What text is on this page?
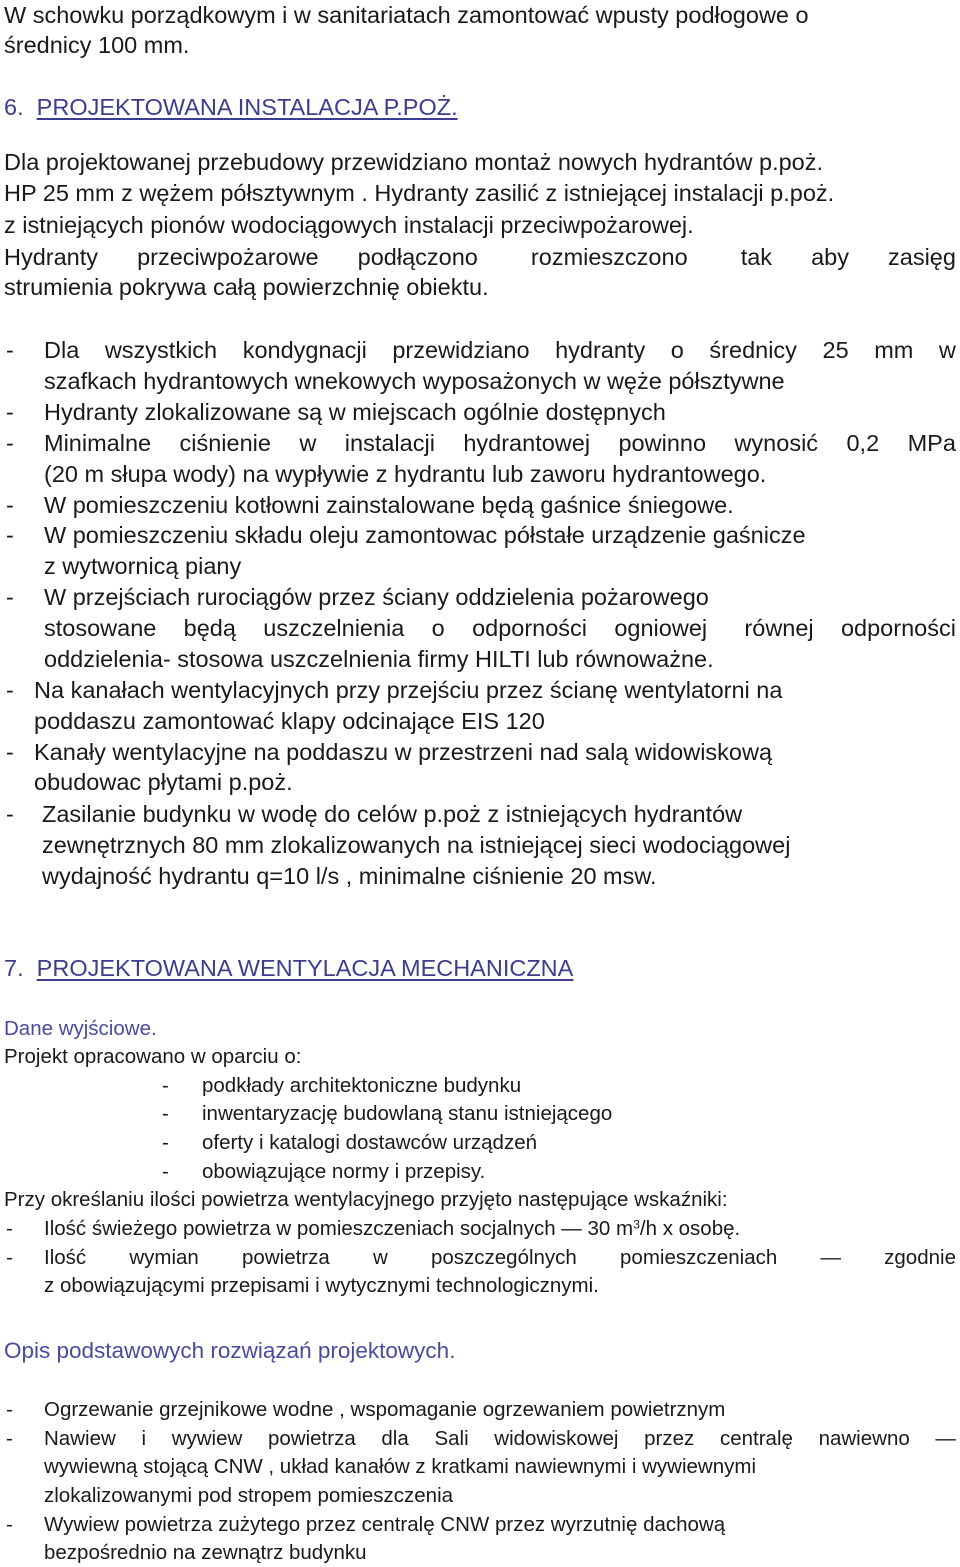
W schowku porządkowym i w sanitariatach zamontować wpusty podłogowe o
średnicy 100 mm.
6. PROJEKTOWANA INSTALACJA P.POŻ.
Dla projektowanej przebudowy przewidziano montaż nowych hydrantów p.poż.
HP 25 mm z wężem półsztywnym . Hydranty zasilić z istniejącej instalacji p.poż.
z istniejących pionów wodociągowych instalacji przeciwpożarowej.
Hydranty przeciwpożarowe podłączono rozmieszczono tak aby zasięg
strumienia pokrywa całą powierzchnię obiektu.
- Dla wszystkich kondygnacji przewidziano hydranty o średnicy 25 mm w
szafkach hydrantowych wnekowych wyposażonych w węże półsztywne
- Hydranty zlokalizowane są w miejscach ogólnie dostępnych
- Minimalne ciśnienie w instalacji hydrantowej powinno wynosić 0,2 MPa
(20 m słupa wody) na wypływie z hydrantu lub zaworu hydrantowego.
- W pomieszczeniu kotłowni zainstalowane będą gaśnice śniegowe.
- W pomieszczeniu składu oleju zamontowac półstałe urządzenie gaśnicze
z wytwornicą piany
- W przejściach rurociągów przez ściany oddzielenia pożarowego
stosowane będą uszczelnienia o odporności ogniowej równej odporności
oddzielenia- stosowa uszczelnienia firmy HILTI lub równoważne.
- Na kanałach wentylacyjnych przy przejściu przez ścianę wentylatorni na
poddaszu zamontować klapy odcinające EIS 120
- Kanały wentylacyjne na poddaszu w przestrzeni nad salą widowiskową
obudowac płytami p.poż.
- Zasilanie budynku w wodę do celów p.poż z istniejących hydrantów
zewnętrznych 80 mm zlokalizowanych na istniejącej sieci wodociągowej
wydajność hydrantu q=10 l/s , minimalne ciśnienie 20 msw.
7. PROJEKTOWANA WENTYLACJA MECHANICZNA
Dane wyjściowe.
Projekt opracowano w oparciu o:
- podkłady architektoniczne budynku
- inwentaryzację budowlaną stanu istniejącego
- oferty i katalogi dostawców urządzeń
- obowiązujące normy i przepisy.
Przy określaniu ilości powietrza wentylacyjnego przyjęto następujące wskaźniki:
- Ilość świeżego powietrza w pomieszczeniach socjalnych — 30 $m^3/h$ x osobę.
- Ilość wymian powietrza w poszczególnych pomieszczeniach — zgodnie
z obowiązującymi przepisami i wytycznymi technologicznymi.
Opis podstawowych rozwiązań projektowych.
- Ogrzewanie grzejnikowe wodne , wspomaganie ogrzewaniem powietrznym
- Nawiew i wywiew powietrza dla Sali widowiskowej przez centralę nawiewno —
wywiewną stojącą CNW , układ kanałów z kratkami nawiewnymi i wywiewnymi
zlokalizowanymi pod stropem pomieszczenia
- Wywiew powietrza zużytego przez centralę CNW przez wyrzutnię dachową
bezpośrednio na zewnątrz budynku
